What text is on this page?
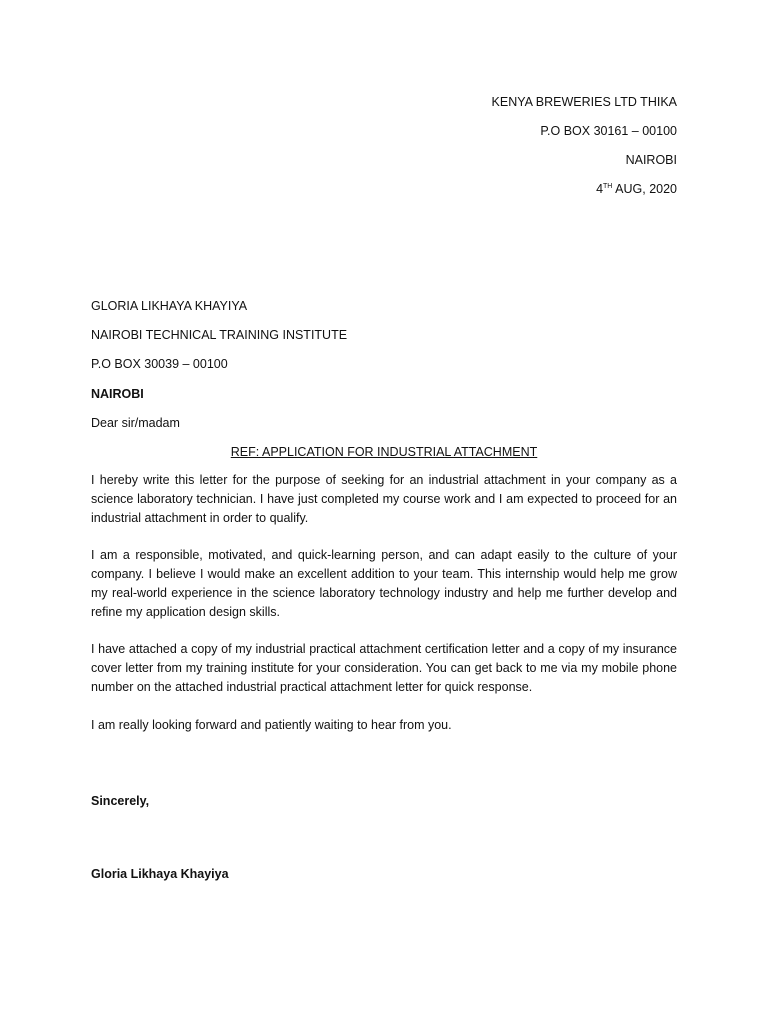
KENYA BREWERIES LTD THIKA
P.O BOX 30161 – 00100
NAIROBI
4TH AUG, 2020
GLORIA LIKHAYA KHAYIYA
NAIROBI TECHNICAL TRAINING INSTITUTE
P.O BOX 30039 – 00100
NAIROBI
Dear sir/madam
REF: APPLICATION FOR INDUSTRIAL ATTACHMENT
I hereby write this letter for the purpose of seeking for an industrial attachment in your company as a science laboratory technician. I have just completed my course work and I am expected to proceed for an industrial attachment in order to qualify.
I am a responsible, motivated, and quick-learning person, and can adapt easily to the culture of your company. I believe I would make an excellent addition to your team. This internship would help me grow my real-world experience in the science laboratory technology industry and help me further develop and refine my application design skills.
I have attached a copy of my industrial practical attachment certification letter and a copy of my insurance cover letter from my training institute for your consideration. You can get back to me via my mobile phone number on the attached industrial practical attachment letter for quick response.
I am really looking forward and patiently waiting to hear from you.
Sincerely,
Gloria Likhaya Khayiya
